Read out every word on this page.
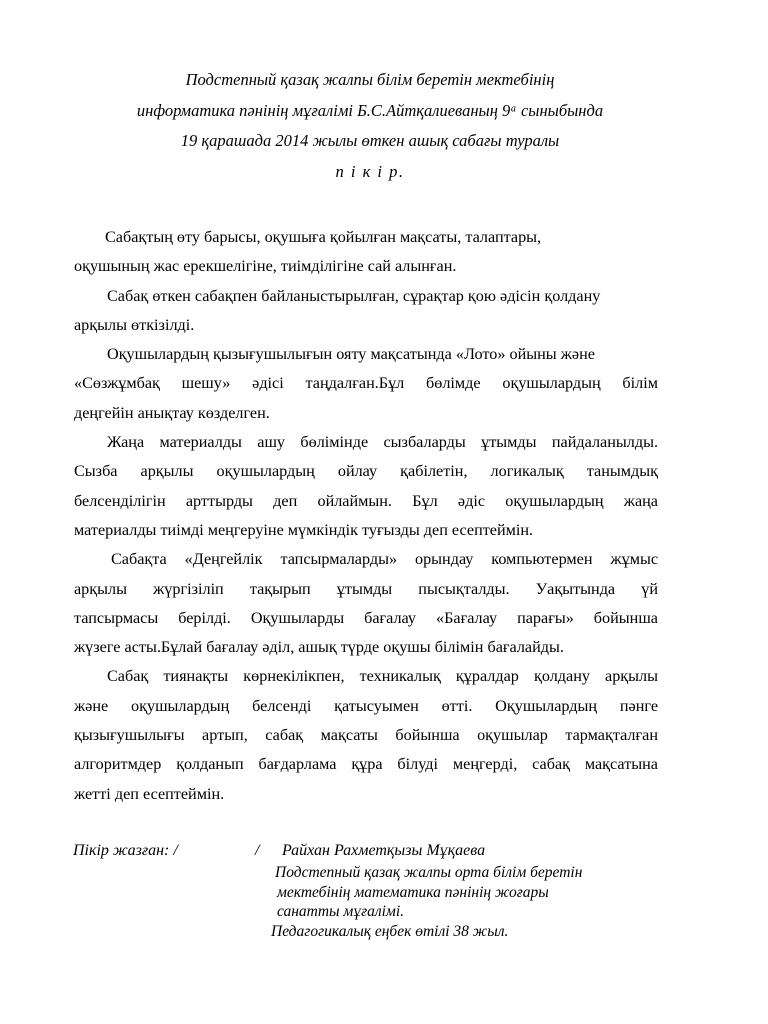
Подстепный қазақ жалпы білім беретін мектебінің
информатика пәнінің мұғалімі Б.С.Айтқалиеваның 9ᵃ сыныбында
19 қарашада 2014 жылы өткен ашық сабағы туралы
п і к і р.

Сабақтың өту барысы, оқушыға қойылған мақсаты, талаптары,
оқушының жас ерекшелігіне, тиімділігіне сай алынған.

Сабақ өткен сабақпен байланыстырылған, сұрақтар қою әдісін қолдану
арқылы өткізілді.

Оқушылардың қызығушылығын ояту мақсатында «Лото» ойыны және
«Сөзжұмбақ шешу» әдісі таңдалған.Бұл бөлімде оқушылардың білім
деңгейін анықтау көзделген.

Жаңа материалды ашу бөлімінде сызбаларды ұтымды пайдаланылды.
Сызба арқылы оқушылардың ойлау қабілетін, логикалық танымдық
белсенділігін арттырды деп ойлаймын. Бұл әдіс оқушылардың жаңа
материалды тиімді меңгеруіне мүмкіндік туғызды деп есептеймін.

Сабақта «Деңгейлік тапсырмаларды» орындау компьютермен жұмыс
арқылы жүргізіліп тақырып ұтымды пысықталды. Уақытында үй
тапсырмасы берілді. Оқушыларды бағалау «Бағалау парағы» бойынша
жүзеге асты.Бұлай бағалау әділ, ашық түрде оқушы білімін бағалайды.

Сабақ тиянақты көрнекілікпен, техникалық құралдар қолдану арқылы
және оқушылардың белсенді қатысуымен өтті. Оқушылардың пәнге
қызығушылығы артып, сабақ мақсаты бойынша оқушылар тармақталған
алгоритмдер қолданып бағдарлама құра білуді меңгерді, сабақ мақсатына
жетті деп есептеймін.

Пікір жазған: /	/ Райхан Рахметқызы Мұқаева
Подстепный қазақ жалпы орта білім беретін
мектебінің математика пәнінің жоғары
санатты мұғалімі.
Педагогикалық еңбек өтілі 38 жыл.
